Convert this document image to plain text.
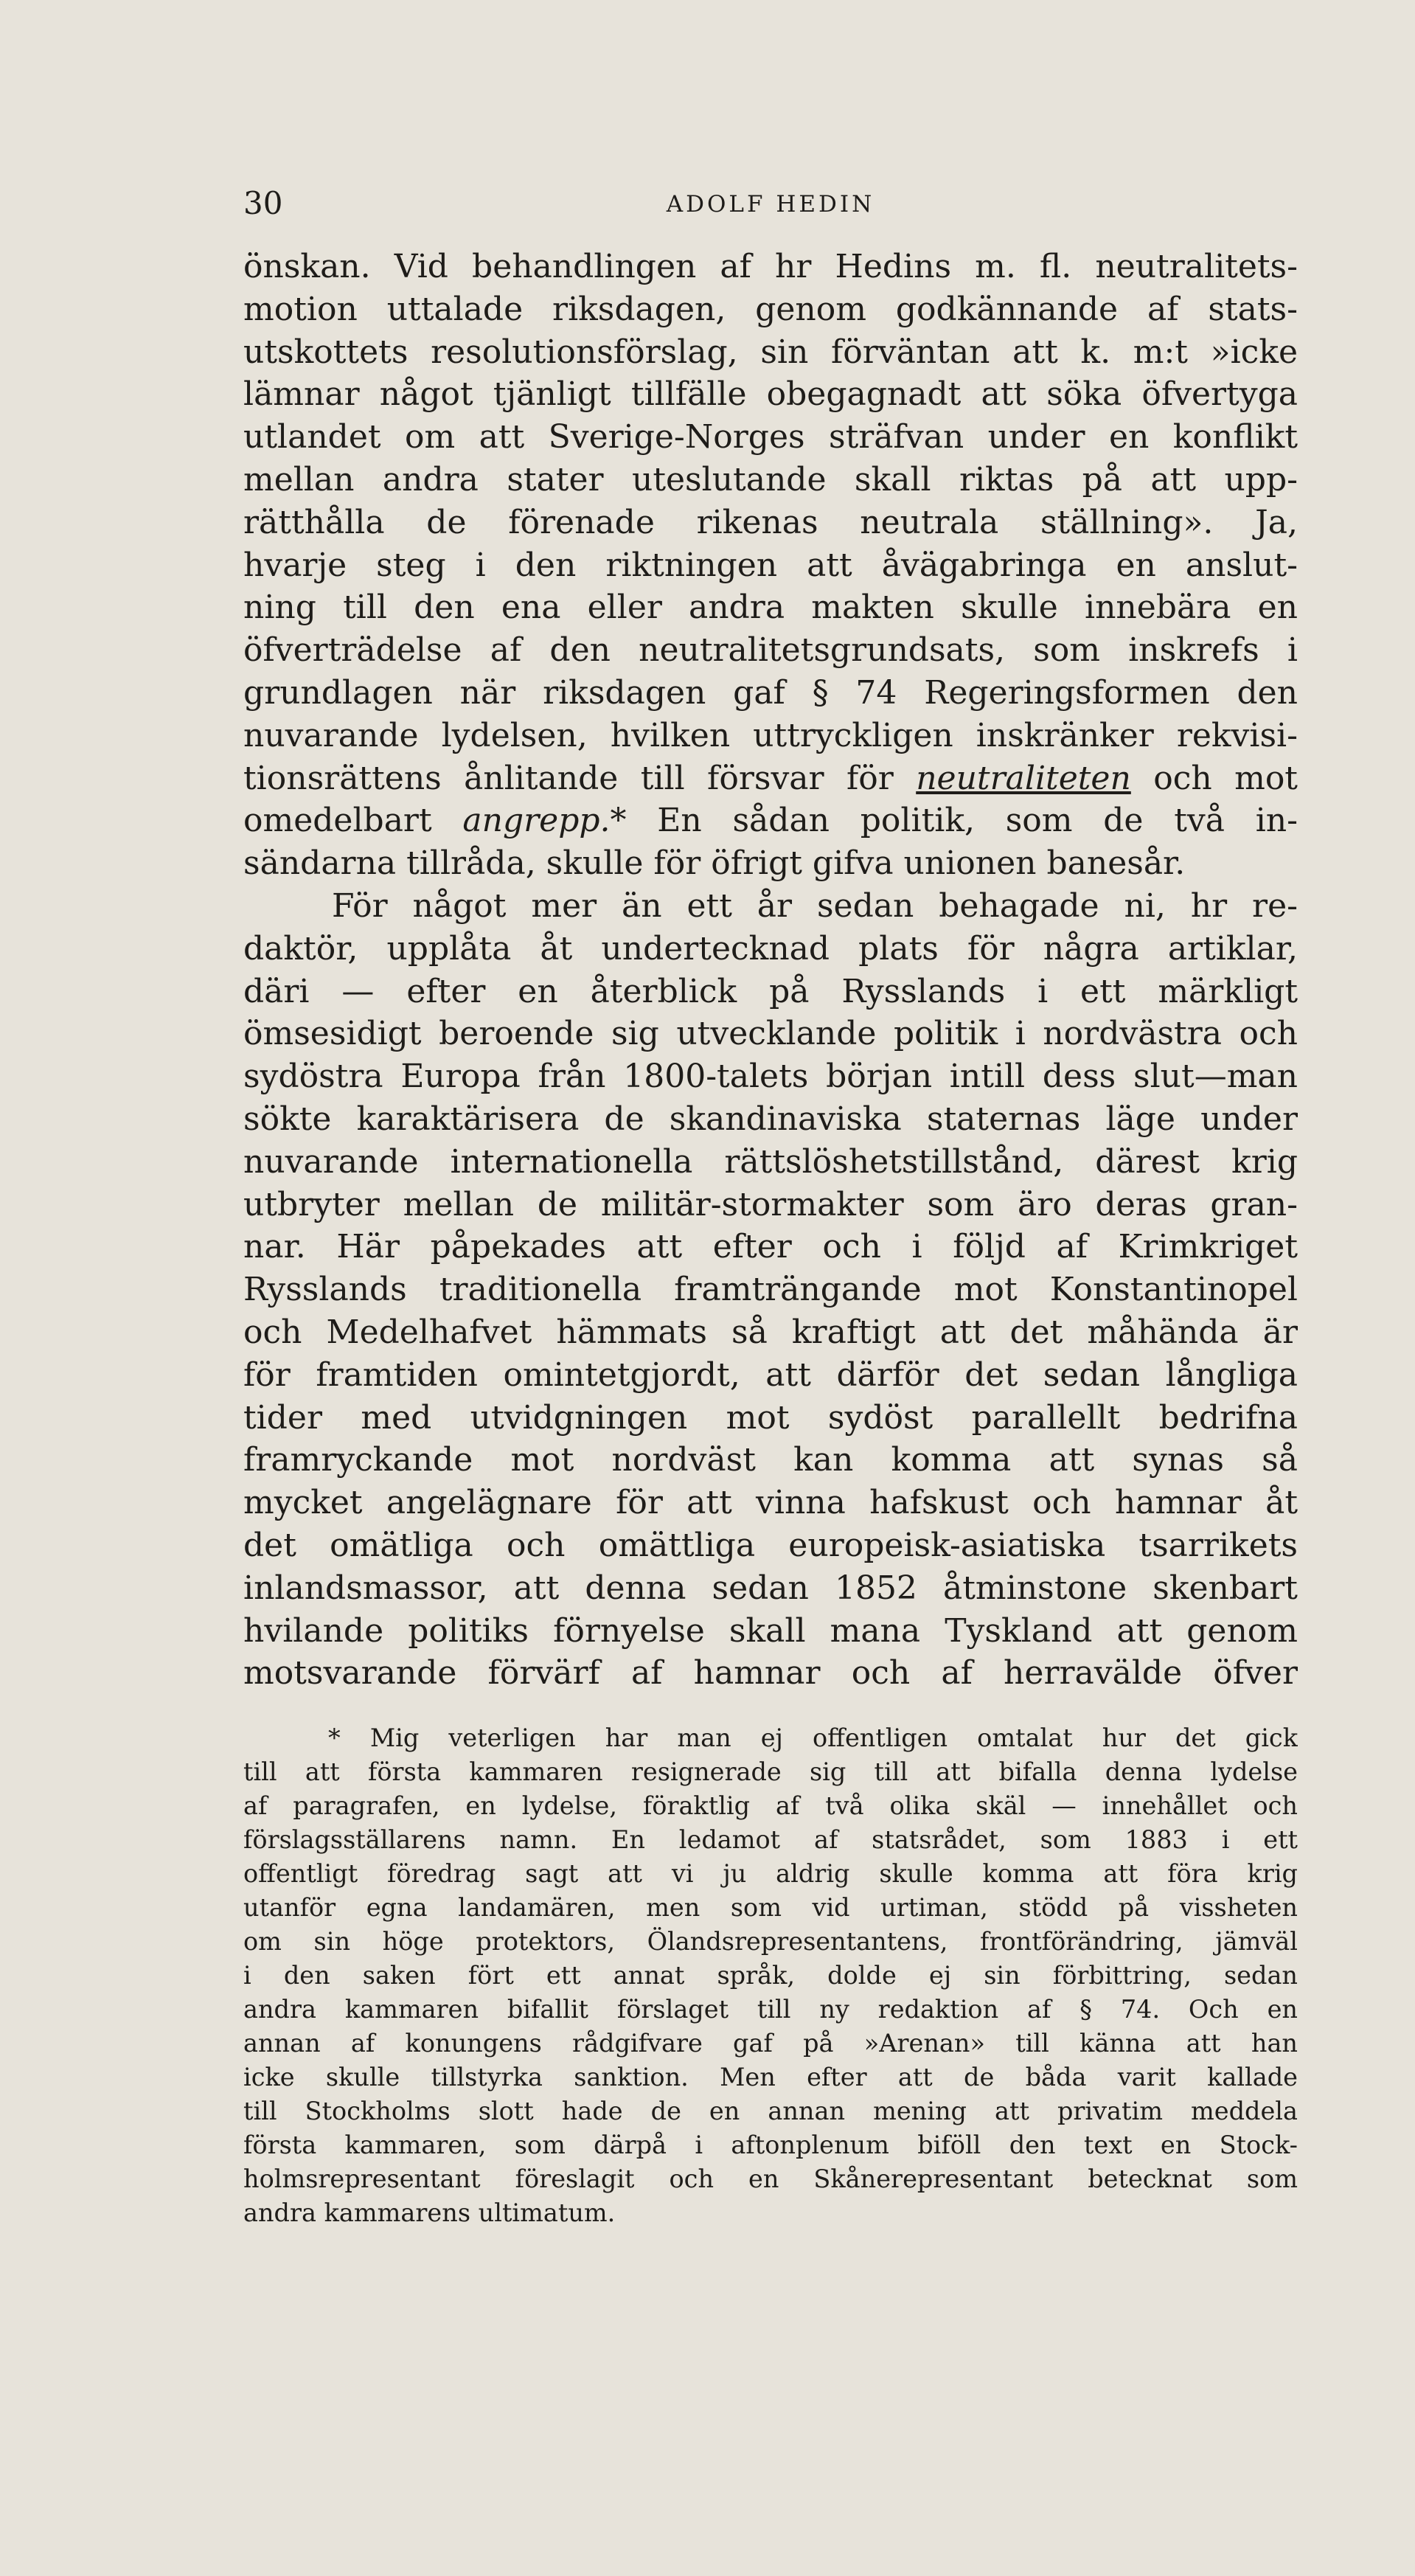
30	ADOLF HEDIN
önskan. Vid behandlingen af hr Hedins m. fl. neutralitets-
motion uttalade riksdagen, genom godkännande af stats-
utskottets resolutionsförslag, sin förväntan att k. m:t »icke
lämnar något tjänligt tillfälle obegagnadt att söka öfvertyga
utlandet om att Sverige-Norges sträfvan under en konflikt
mellan andra stater uteslutande skall riktas på att upp-
rätthålla de förenade rikenas neutrala ställning». Ja,
hvarje steg i den riktningen att åvägabringa en anslut-
ning till den ena eller andra makten skulle innebära en
öfverträdelse af den neutralitetsgrundsats, som inskrefs i
grundlagen när riksdagen gaf § 74 Regeringsformen den
nuvarande lydelsen, hvilken uttryckligen inskränker rekvisi-
tionsrättens ånlitande till försvar för neutraliteten och mot
omedelbart angrepp.* En sådan politik, som de två in-
sändarna tillråda, skulle för öfrigt gifva unionen banesår.
För något mer än ett år sedan behagade ni, hr re-
daktör, upplåta åt undertecknad plats för några artiklar,
däri — efter en återblick på Rysslands i ett märkligt
ömsesidigt beroende sig utvecklande politik i nordvästra och
sydöstra Europa från 1800-talets början intill dess slut—man
sökte karaktärisera de skandinaviska staternas läge under
nuvarande internationella rättslöshetstillstånd, därest krig
utbryter mellan de militär-stormakter som äro deras gran-
nar. Här påpekades att efter och i följd af Krimkriget
Rysslands traditionella framträngande mot Konstantinopel
och Medelhafvet hämmats så kraftigt att det måhända är
för framtiden omintetgjordt, att därför det sedan långliga
tider med utvidgningen mot sydöst parallellt bedrifna
framryckande mot nordväst kan komma att synas så
mycket angelägnare för att vinna hafskust och hamnar åt
det omätliga och omättliga europeisk-asiatiska tsarrikets
inlandsmassor, att denna sedan 1852 åtminstone skenbart
hvilande politiks förnyelse skall mana Tyskland att genom
motsvarande förvärf af hamnar och af herravälde öfver
* Mig veterligen har man ej offentligen omtalat hur det gick
till att första kammaren resignerade sig till att bifalla denna lydelse
af paragrafen, en lydelse, föraktlig af två olika skäl — innehållet och
förslagsställarens namn. En ledamot af statsrådet, som 1883 i ett
offentligt föredrag sagt att vi ju aldrig skulle komma att föra krig
utanför egna landamären, men som vid urtiman, stödd på vissheten
om sin höge protektors, Ölandsrepresentantens, frontförändring, jämväl
i den saken fört ett annat språk, dolde ej sin förbittring, sedan
andra kammaren bifallit förslaget till ny redaktion af § 74. Och en
annan af konungens rådgifvare gaf på »Arenan» till känna att han
icke skulle tillstyrka sanktion. Men efter att de båda varit kallade
till Stockholms slott hade de en annan mening att privatim meddela
första kammaren, som därpå i aftonplenum biföll den text en Stock-
holmsrepresentant föreslagit och en Skånerepresentant betecknat som
andra kammarens ultimatum.
